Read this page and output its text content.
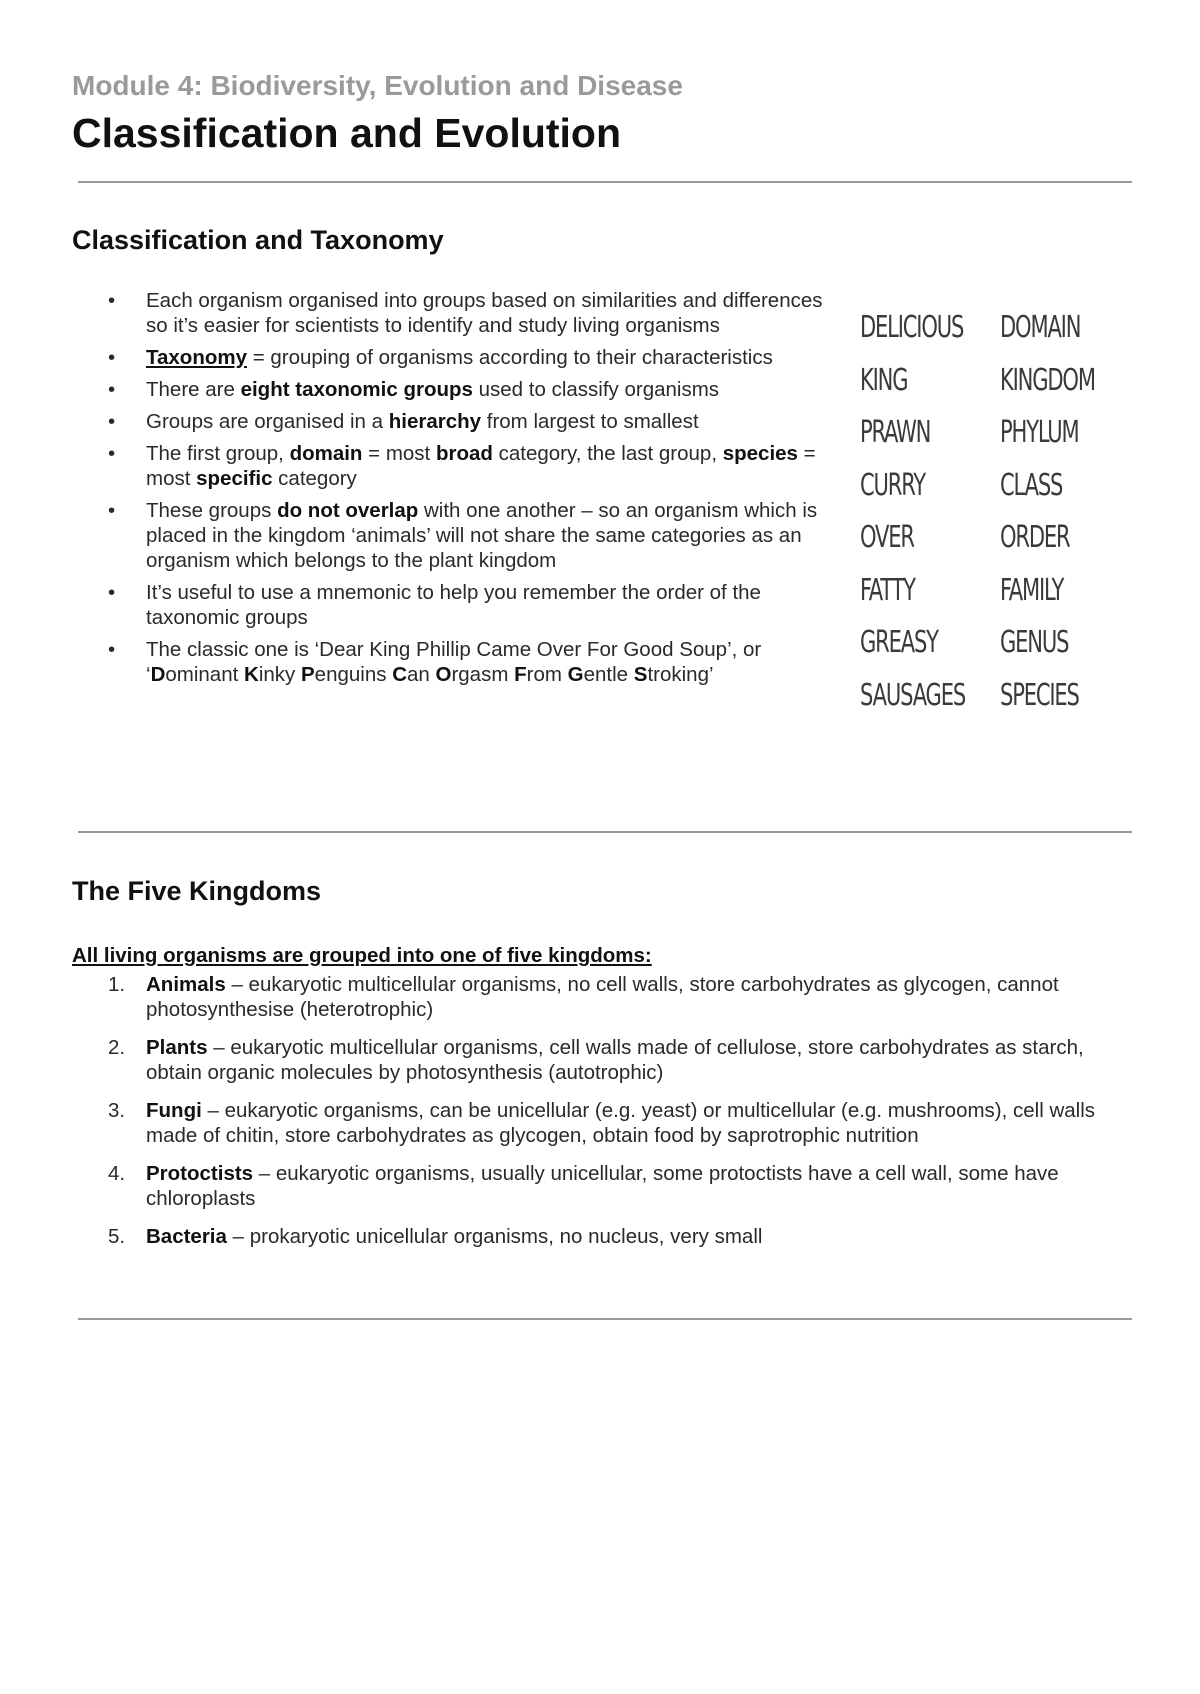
Module 4: Biodiversity, Evolution and Disease
Classification and Evolution
Classification and Taxonomy
• Each organism organised into groups based on similarities and differences so it’s easier for scientists to identify and study living organisms
• Taxonomy = grouping of organisms according to their characteristics
• There are eight taxonomic groups used to classify organisms
• Groups are organised in a hierarchy from largest to smallest
• The first group, domain = most broad category, the last group, species = most specific category
• These groups do not overlap with one another – so an organism which is placed in the kingdom ‘animals’ will not share the same categories as an organism which belongs to the plant kingdom
• It’s useful to use a mnemonic to help you remember the order of the taxonomic groups
• The classic one is ‘Dear King Phillip Came Over For Good Soup’, or ‘Dominant Kinky Penguins Can Orgasm From Gentle Stroking’
DELICIOUS DOMAIN
KING	KINGDOM
PRAWN	PHYLUM
CURRY	CLASS
OVER	ORDER
FATTY	FAMILY
GREASY	GENUS
SAUSAGES SPECIES
The Five Kingdoms

All living organisms are grouped into one of five kingdoms:

1. Animals – eukaryotic multicellular organisms, no cell walls, store carbohydrates as glycogen, cannot photosynthesise (heterotrophic)
2. Plants – eukaryotic multicellular organisms, cell walls made of cellulose, store carbohydrates as starch, obtain organic molecules by photosynthesis (autotrophic)
3. Fungi – eukaryotic organisms, can be unicellular (e.g. yeast) or multicellular (e.g. mushrooms), cell walls made of chitin, store carbohydrates as glycogen, obtain food by saprotrophic nutrition
4. Protoctists – eukaryotic organisms, usually unicellular, some protoctists have a cell wall, some have chloroplasts
5. Bacteria – prokaryotic unicellular organisms, no nucleus, very small
